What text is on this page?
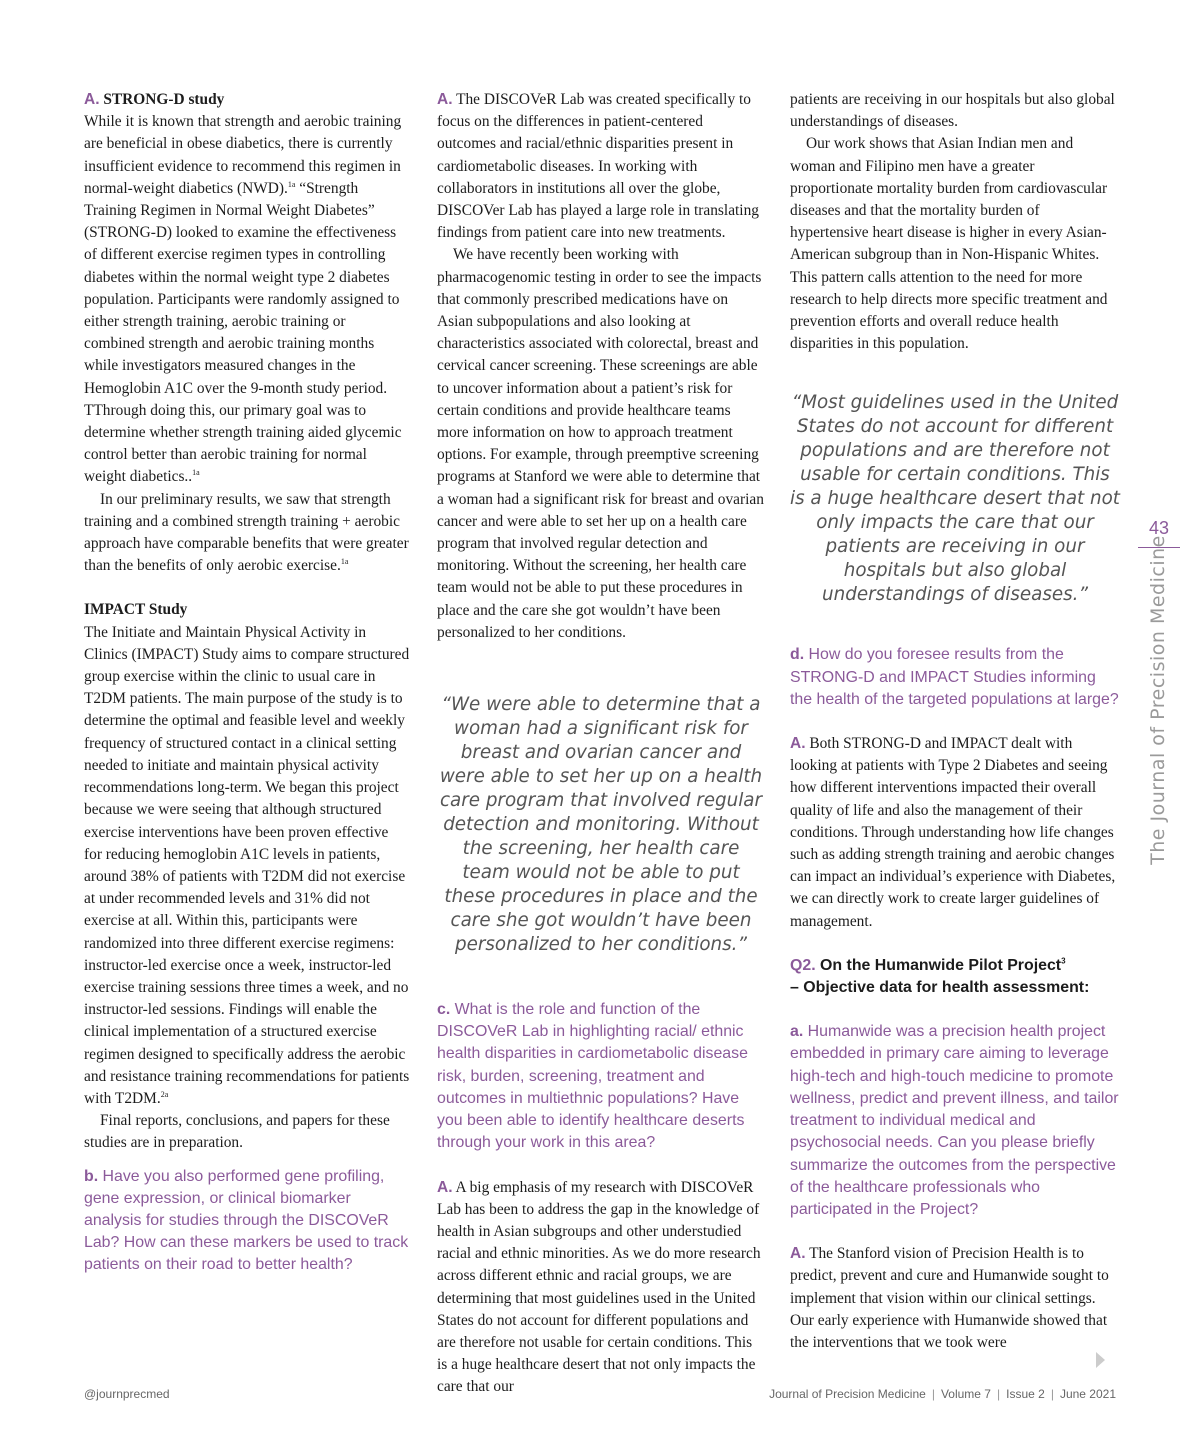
A. STRONG-D study

While it is known that strength and aerobic training are beneficial in obese diabetics, there is currently insufficient evidence to recommend this regimen in normal-weight diabetics (NWD).$^{1a}$ “Strength Training Regimen in Normal Weight Diabetes” (STRONG-D) looked to examine the effectiveness of different exercise regimen types in controlling diabetes within the normal weight type 2 diabetes population. Participants were randomly assigned to either strength training, aerobic training or combined strength and aerobic training months while investigators measured changes in the Hemoglobin A1C over the 9-month study period. TThrough doing this, our primary goal was to determine whether strength training aided glycemic control better than aerobic training for normal weight diabetics..$^{1a}$

In our preliminary results, we saw that strength training and a combined strength training + aerobic approach have comparable benefits that were greater than the benefits of only aerobic exercise.$^{1a}$

IMPACT Study

The Initiate and Maintain Physical Activity in Clinics (IMPACT) Study aims to compare structured group exercise within the clinic to usual care in T2DM patients. The main purpose of the study is to determine the optimal and feasible level and weekly frequency of structured contact in a clinical setting needed to initiate and maintain physical activity recommendations long-term. We began this project because we were seeing that although structured exercise interventions have been proven effective for reducing hemoglobin A1C levels in patients, around 38% of patients with T2DM did not exercise at under recommended levels and 31% did not exercise at all. Within this, participants were randomized into three different exercise regimens: instructor-led exercise once a week, instructor-led exercise training sessions three times a week, and no instructor-led sessions. Findings will enable the clinical implementation of a structured exercise regimen designed to specifically address the aerobic and resistance training recommendations for patients with T2DM.$^{2a}$

Final reports, conclusions, and papers for these studies are in preparation.

b. Have you also performed gene profiling, gene expression, or clinical biomarker analysis for studies through the DISCOVeR Lab? How can these markers be used to track patients on their road to better health?

A. The DISCOVeR Lab was created specifically to focus on the differences in patient-centered outcomes and racial/ethnic disparities present in cardiometabolic diseases. In working with collaborators in institutions all over the globe, DISCOVer Lab has played a large role in translating findings from patient care into new treatments.

We have recently been working with pharmacogenomic testing in order to see the impacts that commonly prescribed medications have on Asian subpopulations and also looking at characteristics associated with colorectal, breast and cervical cancer screening. These screenings are able to uncover information about a patient’s risk for certain conditions and provide healthcare teams more information on how to approach treatment options. For example, through preemptive screening programs at Stanford we were able to determine that a woman had a significant risk for breast and ovarian cancer and were able to set her up on a health care program that involved regular detection and monitoring. Without the screening, her health care team would not be able to put these procedures in place and the care she got wouldn’t have been personalized to her conditions.

“We were able to determine that a woman had a significant risk for breast and ovarian cancer and were able to set her up on a health care program that involved regular detection and monitoring. Without the screening, her health care team would not be able to put these procedures in place and the care she got wouldn’t have been personalized to her conditions.”

c. What is the role and function of the DISCOVeR Lab in highlighting racial/ ethnic health disparities in cardiometabolic disease risk, burden, screening, treatment and outcomes in multiethnic populations? Have you been able to identify healthcare deserts through your work in this area?

A. A big emphasis of my research with DISCOVeR Lab has been to address the gap in the knowledge of health in Asian subgroups and other understudied racial and ethnic minorities. As we do more research across different ethnic and racial groups, we are determining that most guidelines used in the United States do not account for different populations and are therefore not usable for certain conditions. This is a huge healthcare desert that not only impacts the care that our

patients are receiving in our hospitals but also global understandings of diseases.

Our work shows that Asian Indian men and woman and Filipino men have a greater proportionate mortality burden from cardiovascular diseases and that the mortality burden of hypertensive heart disease is higher in every Asian-American subgroup than in Non-Hispanic Whites. This pattern calls attention to the need for more research to help directs more specific treatment and prevention efforts and overall reduce health disparities in this population.

“Most guidelines used in the United States do not account for different populations and are therefore not usable for certain conditions. This is a huge healthcare desert that not only impacts the care that our patients are receiving in our hospitals but also global understandings of diseases.”

d. How do you foresee results from the STRONG-D and IMPACT Studies informing the health of the targeted populations at large?

A. Both STRONG-D and IMPACT dealt with looking at patients with Type 2 Diabetes and seeing how different interventions impacted their overall quality of life and also the management of their conditions. Through understanding how life changes such as adding strength training and aerobic changes can impact an individual’s experience with Diabetes, we can directly work to create larger guidelines of management.

Q2. On the Humanwide Pilot Project$^3$
– Objective data for health assessment:

a. Humanwide was a precision health project embedded in primary care aiming to leverage high-tech and high-touch medicine to promote wellness, predict and prevent illness, and tailor treatment to individual medical and psychosocial needs. Can you please briefly summarize the outcomes from the perspective of the healthcare professionals who participated in the Project?

A. The Stanford vision of Precision Health is to predict, prevent and cure and Humanwide sought to implement that vision within our clinical settings. Our early experience with Humanwide showed that the interventions that we took were

43
The Journal of Precision Medicine
@journprecmed	Journal of Precision Medicine | Volume 7 | Issue 2 | June 2021
